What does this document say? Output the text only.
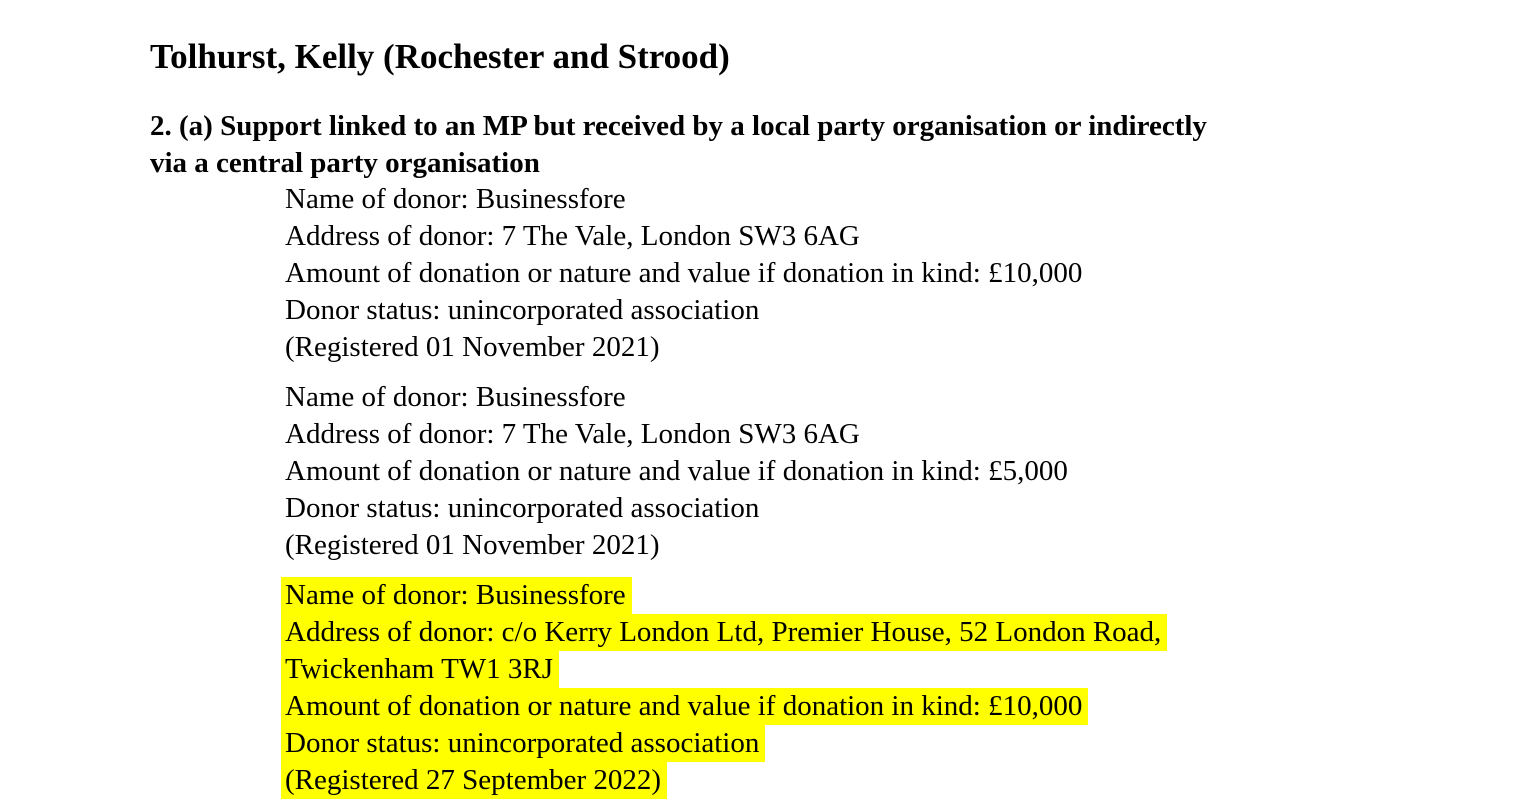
Tolhurst, Kelly (Rochester and Strood)
2. (a) Support linked to an MP but received by a local party organisation or indirectly
via a central party organisation
Name of donor: Businessfore
Address of donor: 7 The Vale, London SW3 6AG
Amount of donation or nature and value if donation in kind: £10,000
Donor status: unincorporated association
(Registered 01 November 2021)
Name of donor: Businessfore
Address of donor: 7 The Vale, London SW3 6AG
Amount of donation or nature and value if donation in kind: £5,000
Donor status: unincorporated association
(Registered 01 November 2021)
Name of donor: Businessfore
Address of donor: c/o Kerry London Ltd, Premier House, 52 London Road,
Twickenham TW1 3RJ
Amount of donation or nature and value if donation in kind: £10,000
Donor status: unincorporated association
(Registered 27 September 2022)
